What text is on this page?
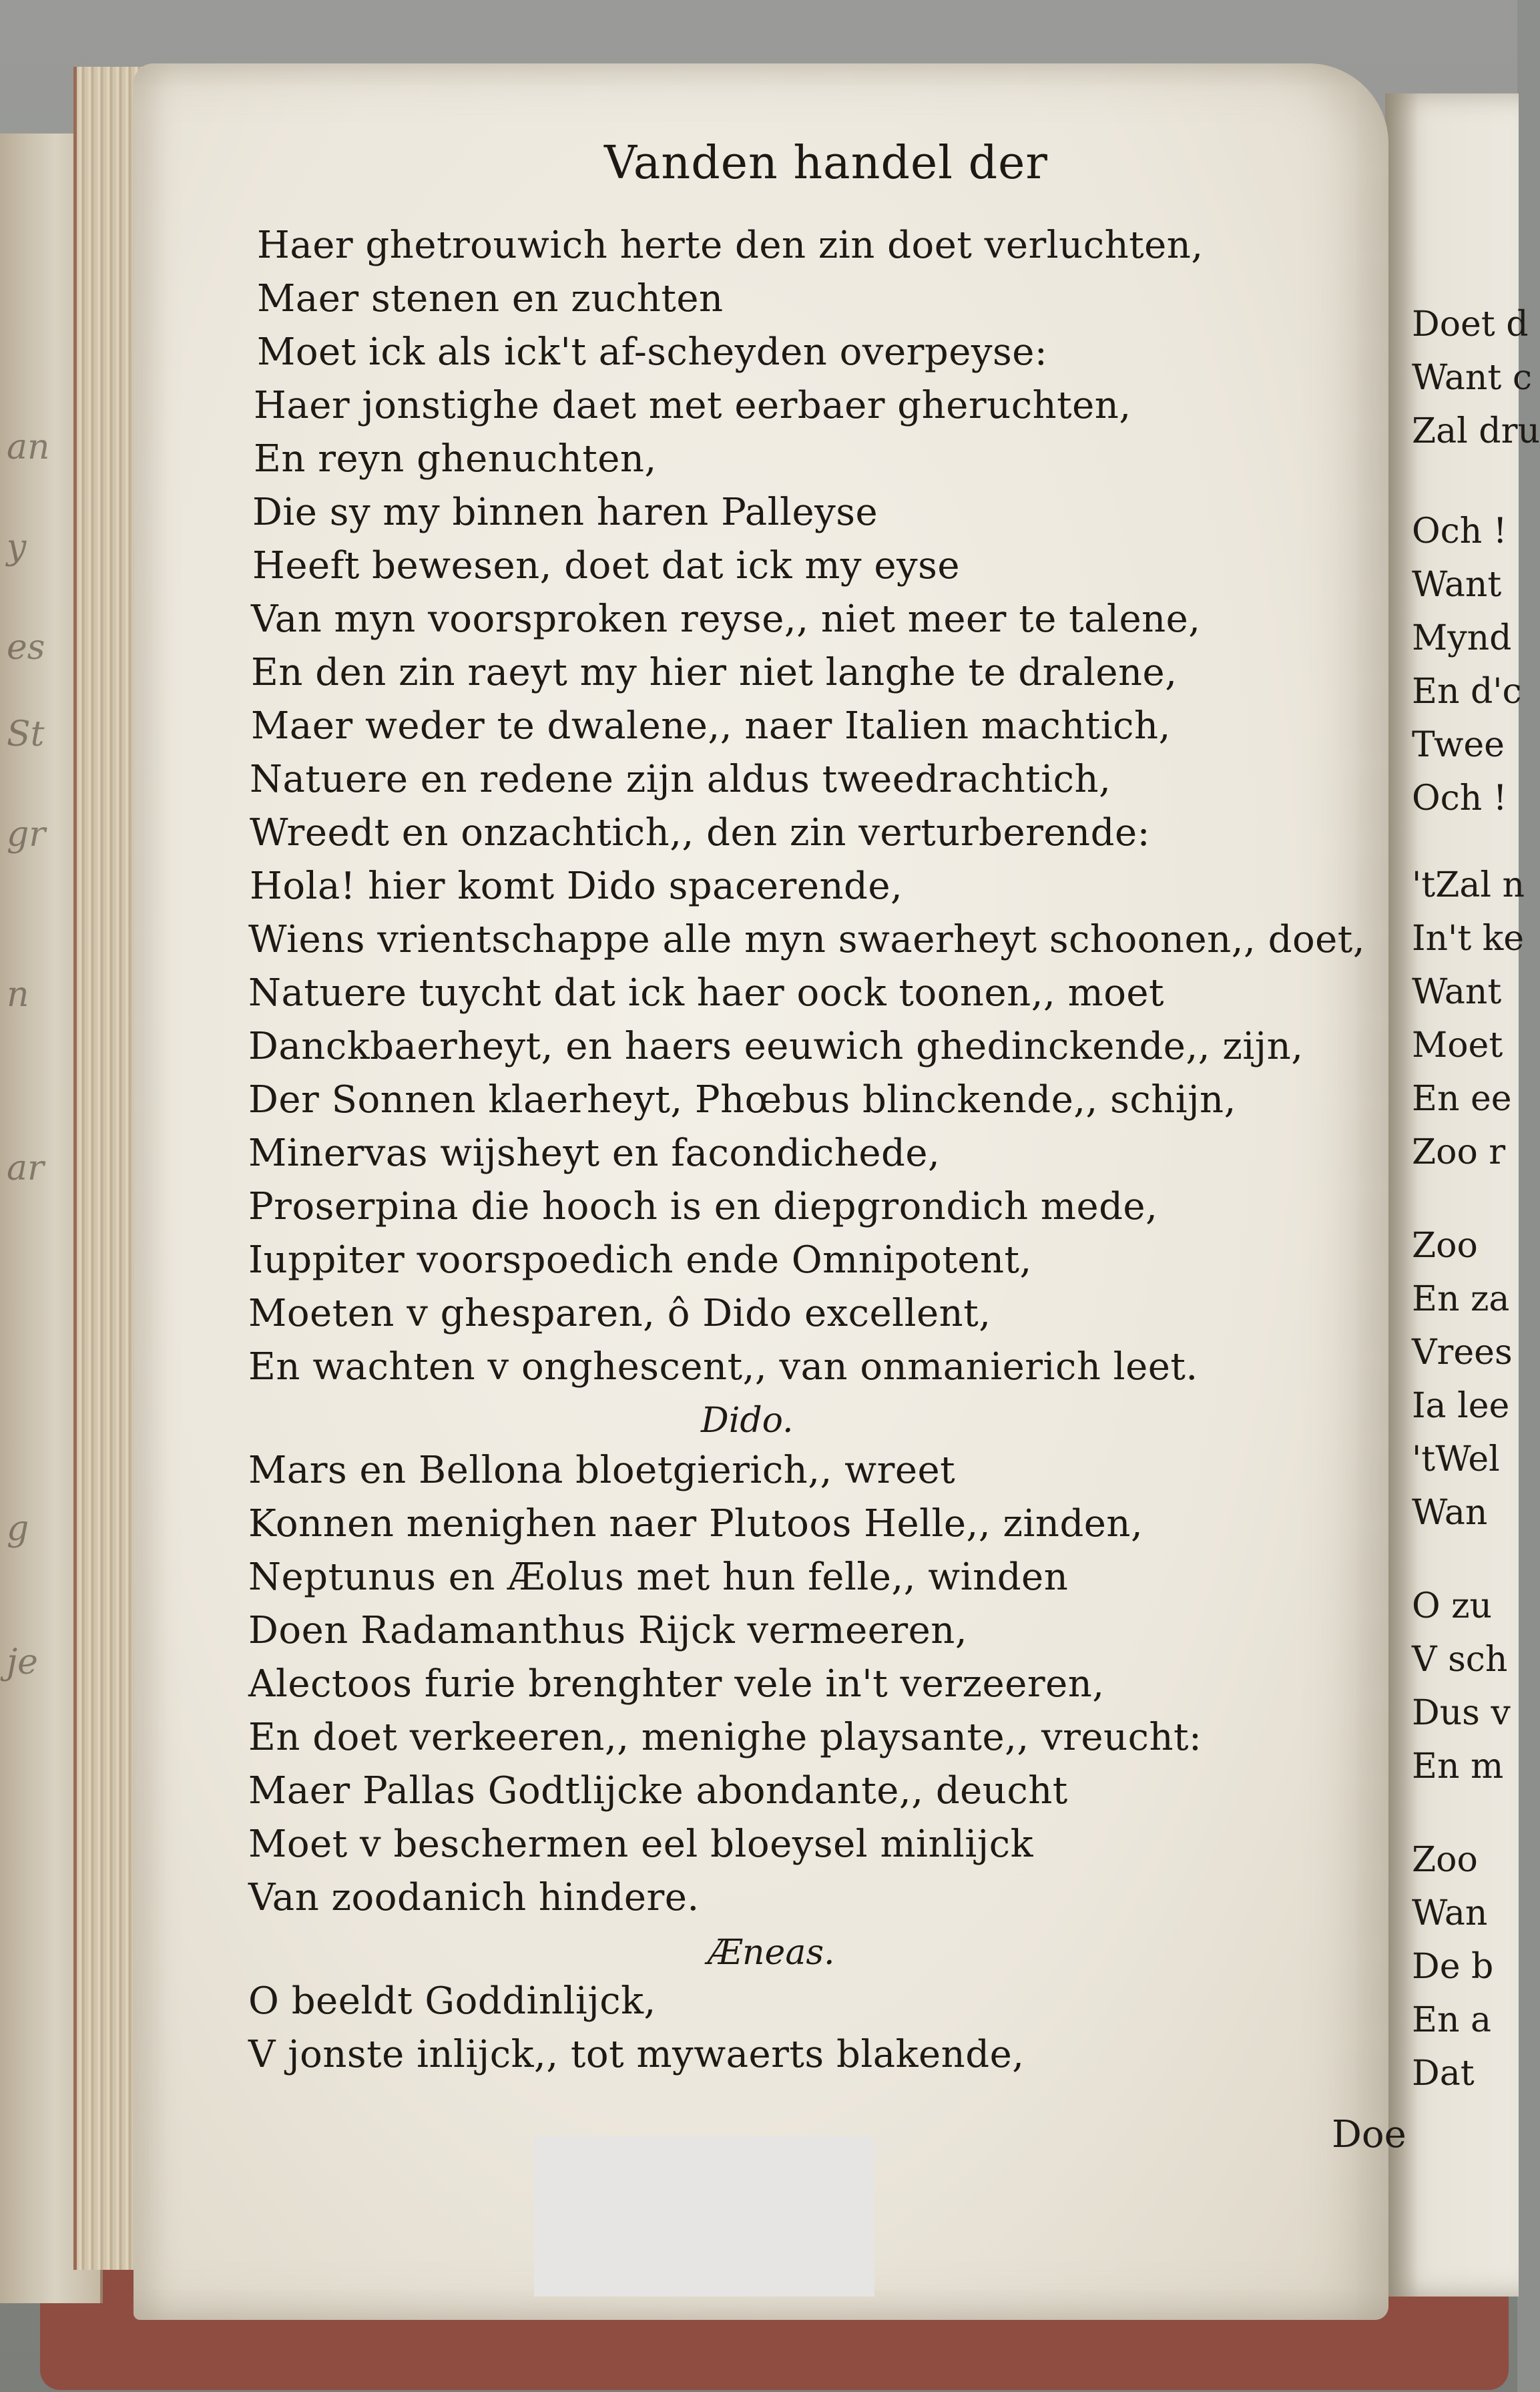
an
y
es
St
gr
n
ar
g
je
Doet d
Want c
Zal dru
Och !
Want
Mynd
En d'c
Twee
Och !
'tZal n
In't ke
Want
Moet
En ee
Zoo r
Zoo
En za
Vrees
Ia lee
'tWel
Wan
O zu
V sch
Dus v
En m
Zoo
Wan
De b
En a
Dat
Vanden handel der
Haer ghetrouwich herte den zin doet verluchten,
Maer stenen en zuchten
Moet ick als ick't af-scheyden overpeyse:
Haer jonstighe daet met eerbaer gheruchten,
En reyn ghenuchten,
Die sy my binnen haren Palleyse
Heeft bewesen, doet dat ick my eyse
Van myn voorsproken reyse,, niet meer te talene,
En den zin raeyt my hier niet langhe te dralene,
Maer weder te dwalene,, naer Italien machtich,
Natuere en redene zijn aldus tweedrachtich,
Wreedt en onzachtich,, den zin verturberende:
Hola! hier komt Dido spacerende,
Wiens vrientschappe alle myn swaerheyt schoonen,, doet,
Natuere tuycht dat ick haer oock toonen,, moet
Danckbaerheyt, en haers eeuwich ghedinckende,, zijn,
Der Sonnen klaerheyt, Phœbus blinckende,, schijn,
Minervas wijsheyt en facondichede,
Proserpina die hooch is en diepgrondich mede,
Iuppiter voorspoedich ende Omnipotent,
Moeten v ghesparen, ô Dido excellent,
En wachten v onghescent,, van onmanierich leet.
Dido.
Mars en Bellona bloetgierich,, wreet
Konnen menighen naer Plutoos Helle,, zinden,
Neptunus en Æolus met hun felle,, winden
Doen Radamanthus Rijck vermeeren,
Alectoos furie brenghter vele in't verzeeren,
En doet verkeeren,, menighe playsante,, vreucht:
Maer Pallas Godtlijcke abondante,, deucht
Moet v beschermen eel bloeysel minlijck
Van zoodanich hindere.
Æneas.
O beeldt Goddinlijck,
V jonste inlijck,, tot mywaerts blakende,
Doe
